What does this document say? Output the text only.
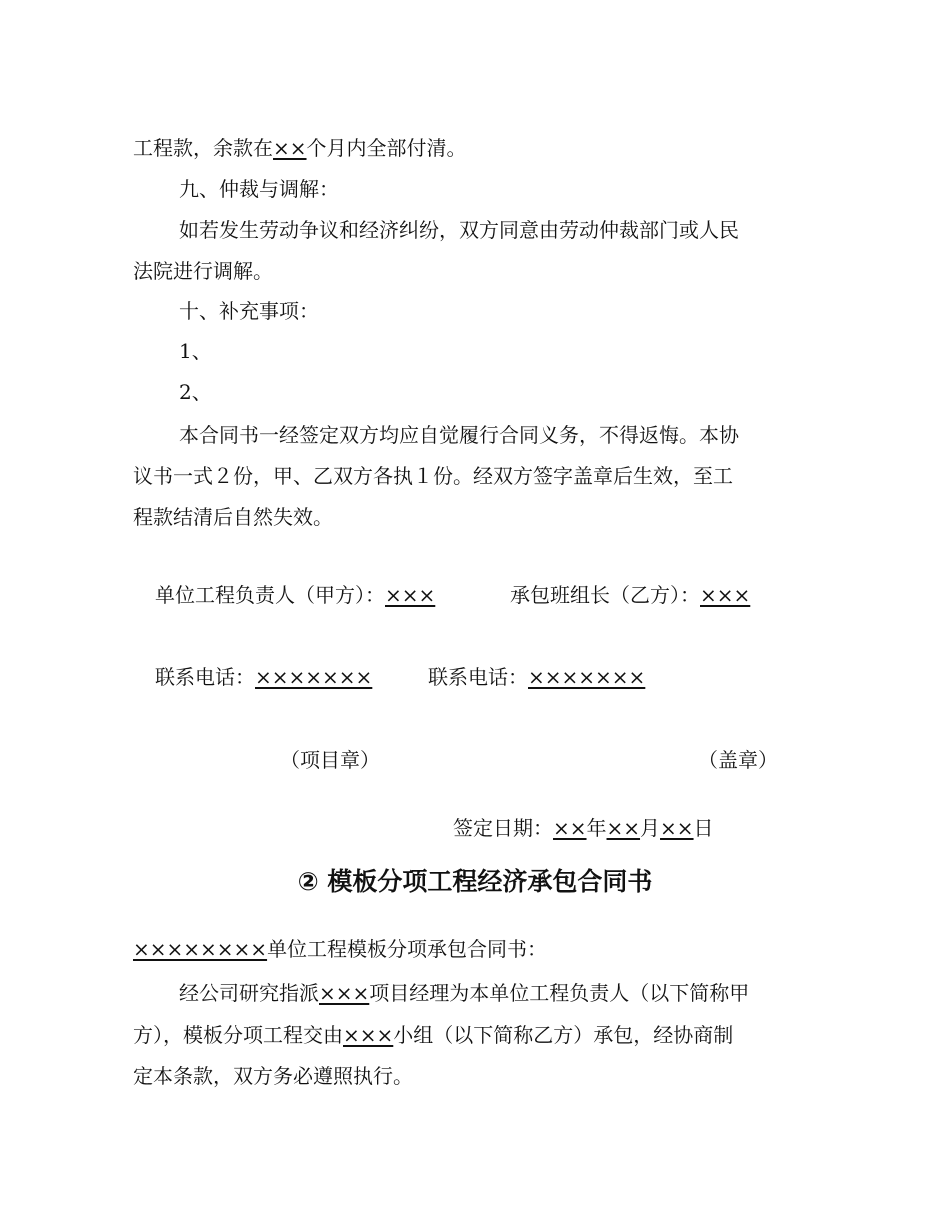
工程款，余款在××个月内全部付清。
九、仲裁与调解：
如若发生劳动争议和经济纠纷，双方同意由劳动仲裁部门或人民
法院进行调解。
十、补充事项：
1、
2、
本合同书一经签定双方均应自觉履行合同义务，不得返悔。本协
议书一式２份，甲、乙双方各执１份。经双方签字盖章后生效，至工
程款结清后自然失效。
单位工程负责人（甲方）：×××	承包班组长（乙方）：×××
联系电话：×××××××	联系电话：×××××××
（项目章）	（盖章）
签定日期：××年××月××日
② 模板分项工程经济承包合同书
××××××××单位工程模板分项承包合同书：
经公司研究指派×××项目经理为本单位工程负责人（以下简称甲
方），模板分项工程交由×××小组（以下简称乙方）承包，经协商制
定本条款，双方务必遵照执行。
